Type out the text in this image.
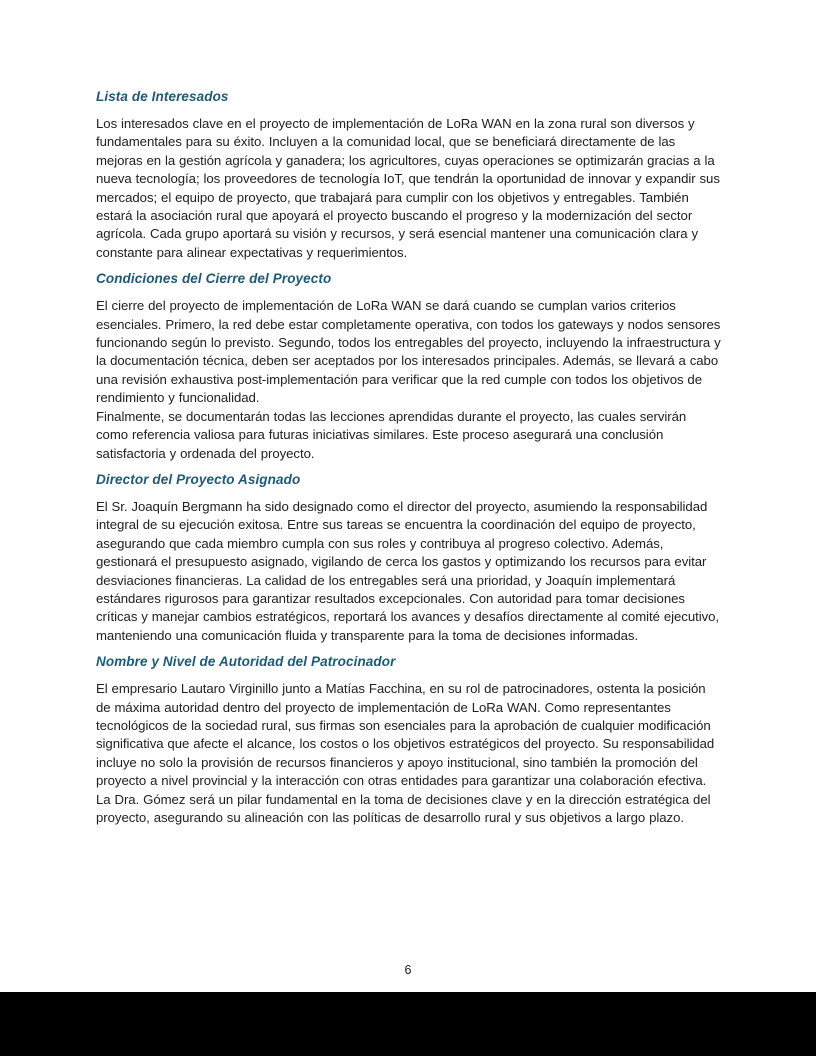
Lista de Interesados

Los interesados clave en el proyecto de implementación de LoRa WAN en la zona rural son diversos y fundamentales para su éxito. Incluyen a la comunidad local, que se beneficiará directamente de las mejoras en la gestión agrícola y ganadera; los agricultores, cuyas operaciones se optimizarán gracias a la nueva tecnología; los proveedores de tecnología IoT, que tendrán la oportunidad de innovar y expandir sus mercados; el equipo de proyecto, que trabajará para cumplir con los objetivos y entregables. También estará la asociación rural que apoyará el proyecto buscando el progreso y la modernización del sector agrícola. Cada grupo aportará su visión y recursos, y será esencial mantener una comunicación clara y constante para alinear expectativas y requerimientos.

Condiciones del Cierre del Proyecto

El cierre del proyecto de implementación de LoRa WAN se dará cuando se cumplan varios criterios esenciales. Primero, la red debe estar completamente operativa, con todos los gateways y nodos sensores funcionando según lo previsto. Segundo, todos los entregables del proyecto, incluyendo la infraestructura y la documentación técnica, deben ser aceptados por los interesados principales. Además, se llevará a cabo una revisión exhaustiva post-implementación para verificar que la red cumple con todos los objetivos de rendimiento y funcionalidad.

Finalmente, se documentarán todas las lecciones aprendidas durante el proyecto, las cuales servirán como referencia valiosa para futuras iniciativas similares. Este proceso asegurará una conclusión satisfactoria y ordenada del proyecto.

Director del Proyecto Asignado

El Sr. Joaquín Bergmann ha sido designado como el director del proyecto, asumiendo la responsabilidad integral de su ejecución exitosa. Entre sus tareas se encuentra la coordinación del equipo de proyecto, asegurando que cada miembro cumpla con sus roles y contribuya al progreso colectivo. Además, gestionará el presupuesto asignado, vigilando de cerca los gastos y optimizando los recursos para evitar desviaciones financieras. La calidad de los entregables será una prioridad, y Joaquín implementará estándares rigurosos para garantizar resultados excepcionales. Con autoridad para tomar decisiones críticas y manejar cambios estratégicos, reportará los avances y desafíos directamente al comité ejecutivo, manteniendo una comunicación fluida y transparente para la toma de decisiones informadas.

Nombre y Nivel de Autoridad del Patrocinador

El empresario Lautaro Virginillo junto a Matías Facchina, en su rol de patrocinadores, ostenta la posición de máxima autoridad dentro del proyecto de implementación de LoRa WAN. Como representantes tecnológicos de la sociedad rural, sus firmas son esenciales para la aprobación de cualquier modificación significativa que afecte el alcance, los costos o los objetivos estratégicos del proyecto. Su responsabilidad incluye no solo la provisión de recursos financieros y apoyo institucional, sino también la promoción del proyecto a nivel provincial y la interacción con otras entidades para garantizar una colaboración efectiva. La Dra. Gómez será un pilar fundamental en la toma de decisiones clave y en la dirección estratégica del proyecto, asegurando su alineación con las políticas de desarrollo rural y sus objetivos a largo plazo.

6
